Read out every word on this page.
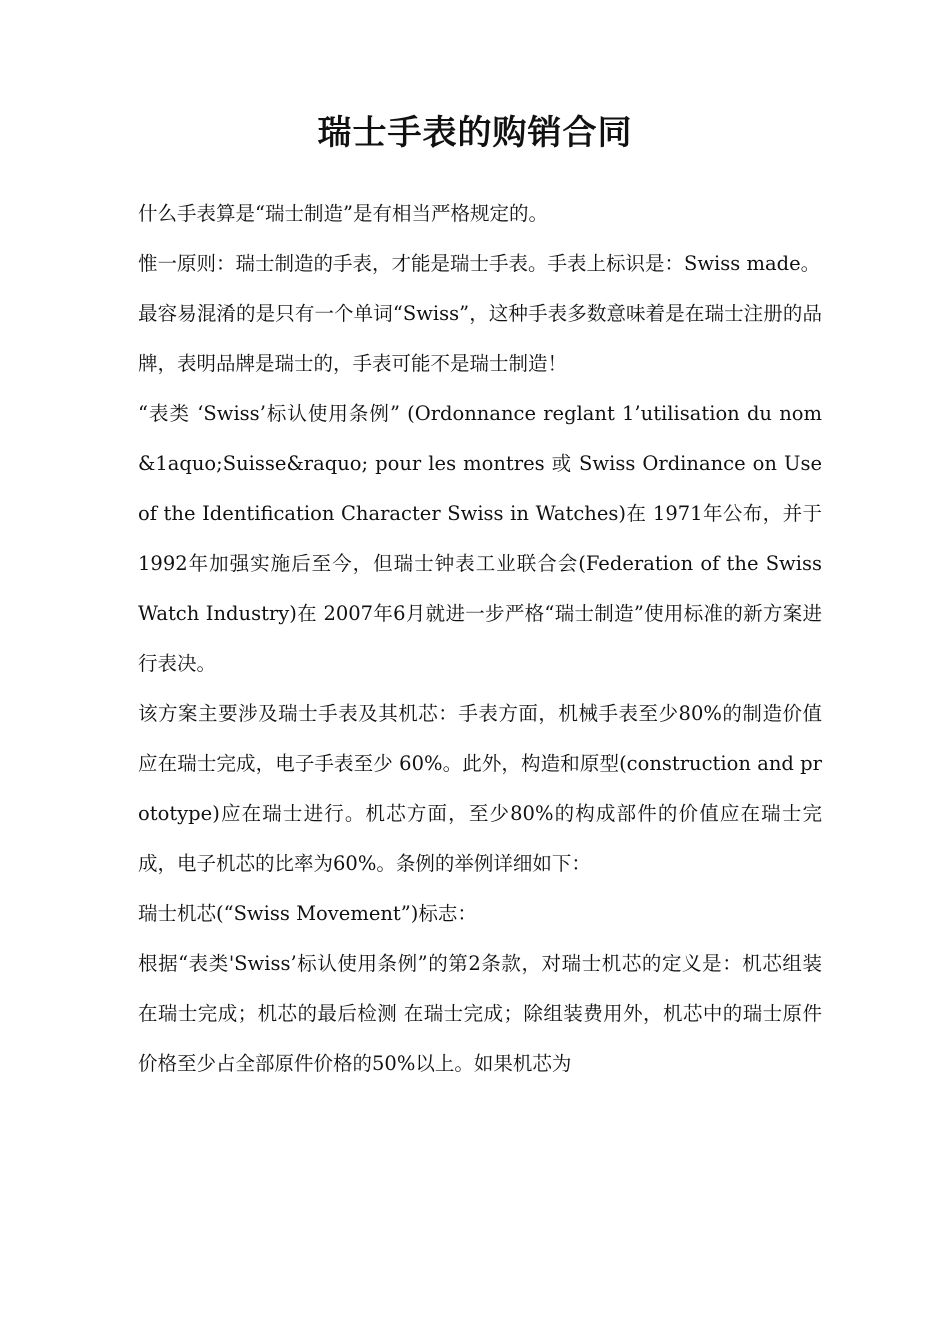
瑞士手表的购销合同

什么手表算是“瑞士制造”是有相当严格规定的。

惟一原则：瑞士制造的手表，才能是瑞士手表。手表上标识是：Swiss made。

最容易混淆的是只有一个单词“Swiss”，这种手表多数意味着是在瑞士注册的品牌，表明品牌是瑞士的，手表可能不是瑞士制造！

“表类 ‘Swiss’标认使用条例” (Ordonnance reglant 1’utilisation du nom &1aquo;Suisse&raquo; pour les montres 或 Swiss Ordinance on Use of the Identification Character Swiss in Watches)在 1971年公布，并于 1992年加强实施后至今，但瑞士钟表工业联合会(Federation of the Swiss Watch Industry)在 2007年6月就进一步严格“瑞士制造”使用标准的新方案进行表决。

该方案主要涉及瑞士手表及其机芯：手表方面，机械手表至少80%的制造价值应在瑞士完成，电子手表至少 60%。此外，构造和原型(construction and prototype)应在瑞士进行。机芯方面，至少80%的构成部件的价值应在瑞士完成，电子机芯的比率为60%。条例的举例详细如下：

瑞士机芯(“Swiss Movement”)标志：

根据“表类'Swiss’标认使用条例”的第2条款，对瑞士机芯的定义是：机芯组装在瑞士完成；机芯的最后检测 在瑞士完成；除组装费用外，机芯中的瑞士原件价格至少占全部原件价格的50%以上。如果机芯为
